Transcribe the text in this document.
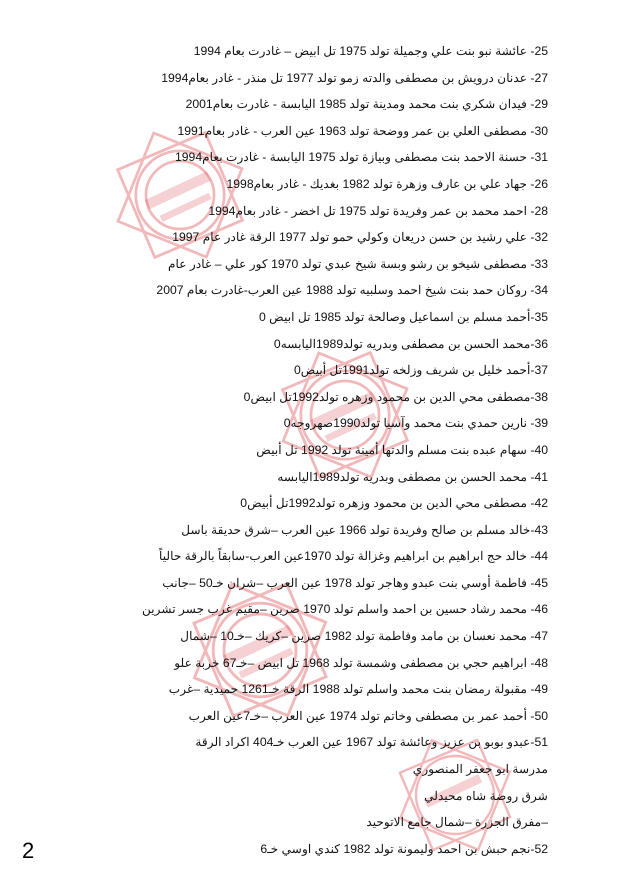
25- عائشة نبو بنت علي وجميلة تولد 1975 تل ابيض – غادرت بعام 1994
27- عدنان درويش بن مصطفى والدته زمو تولد 1977 تل منذر - غادر بعام1994
29- فيدان شكري بنت محمد ومدينة تولد 1985 اليابسة - غادرت بعام2001
30- مصطفى العلي بن عمر ووضحة تولد 1963 عين العرب - غادر بعام1991
31- حسنة الاحمد بنت مصطفى وبيازة تولد 1975 اليابسة - غادرت بعام1994
26- جهاد علي بن عارف وزهرة تولد 1982 بغديك - غادر بعام1998
28- احمد محمد بن عمر وفريدة تولد 1975 تل اخضر - غادر بعام1994
32- علي رشيد بن حسن دريعان وكولي حمو تولد 1977 الرقة غادر عام 1997
33- مصطفى شيخو بن رشو وبسة شيخ عبدي تولد 1970 كور علي – غادر عام
34- روكان حمد بنت شيخ احمد وسلبيه تولد 1988 عين العرب-غادرت بعام 2007
35-أحمد مسلم بن اسماعيل وصالحة تولد 1985 تل ابيض 0
36-محمد الحسن بن مصطفى وبدريه تولد1989اليابسه0
37-أحمد خليل بن شريف وزلخه تولد1991تل أبيض0
38-مصطفى محي الدين بن محمود وزهره تولد1992تل ابيض0
39- نارين حمدي بنت محمد وآسيا تولد1990صهروجه0
40- سهام عبده بنت مسلم والدتها أمينة تولد 1992 تل أبيض
41- محمد الحسن بن مصطفى وبدريه تولد1989اليابسه
42- مصطفى محي الدين بن محمود وزهره تولد1992تل أبيض0
43-خالد مسلم بن صالح وفريدة تولد 1966 عين العرب –شرق حديقة باسل
44- خالد حج ابراهيم بن ابراهيم وغزالة تولد 1970عين العرب-سابقاً بالرقة حالياً
45- فاطمة أوسي بنت عبدو وهاجر تولد 1978 عين العرب –شران خـ50 –جانب
46- محمد رشاد حسين بن احمد واسلم تولد 1970 صرين –مقيم غرب جسر تشرين
47- محمد نعسان بن مامد وفاطمة تولد 1982 صرين –كريك –خـ10 –شمال
48- ابراهيم حجي بن مصطفى وشمسة تولد 1968 تل ابيض –خـ67 خربة علو
49- مقبولة رمضان بنت محمد واسلم تولد 1988 الرقة خـ1261 حميدية –غرب
50- أحمد عمر بن مصطفى وخاتم تولد 1974 عين العرب –خـ7عين العرب
51-عبدو بوبو بن عزيز وعائشة تولد 1967 عين العرب خـ404 اكراد الرقة
مدرسة ابو جعفر المنصوري
شرق روضة شاه محيدلي
–مفرق الجزرة –شمال جامع الاتوحيد
52-نجم حبش بن احمد وليمونة تولد 1982 كندي اوسي خـ6
2
